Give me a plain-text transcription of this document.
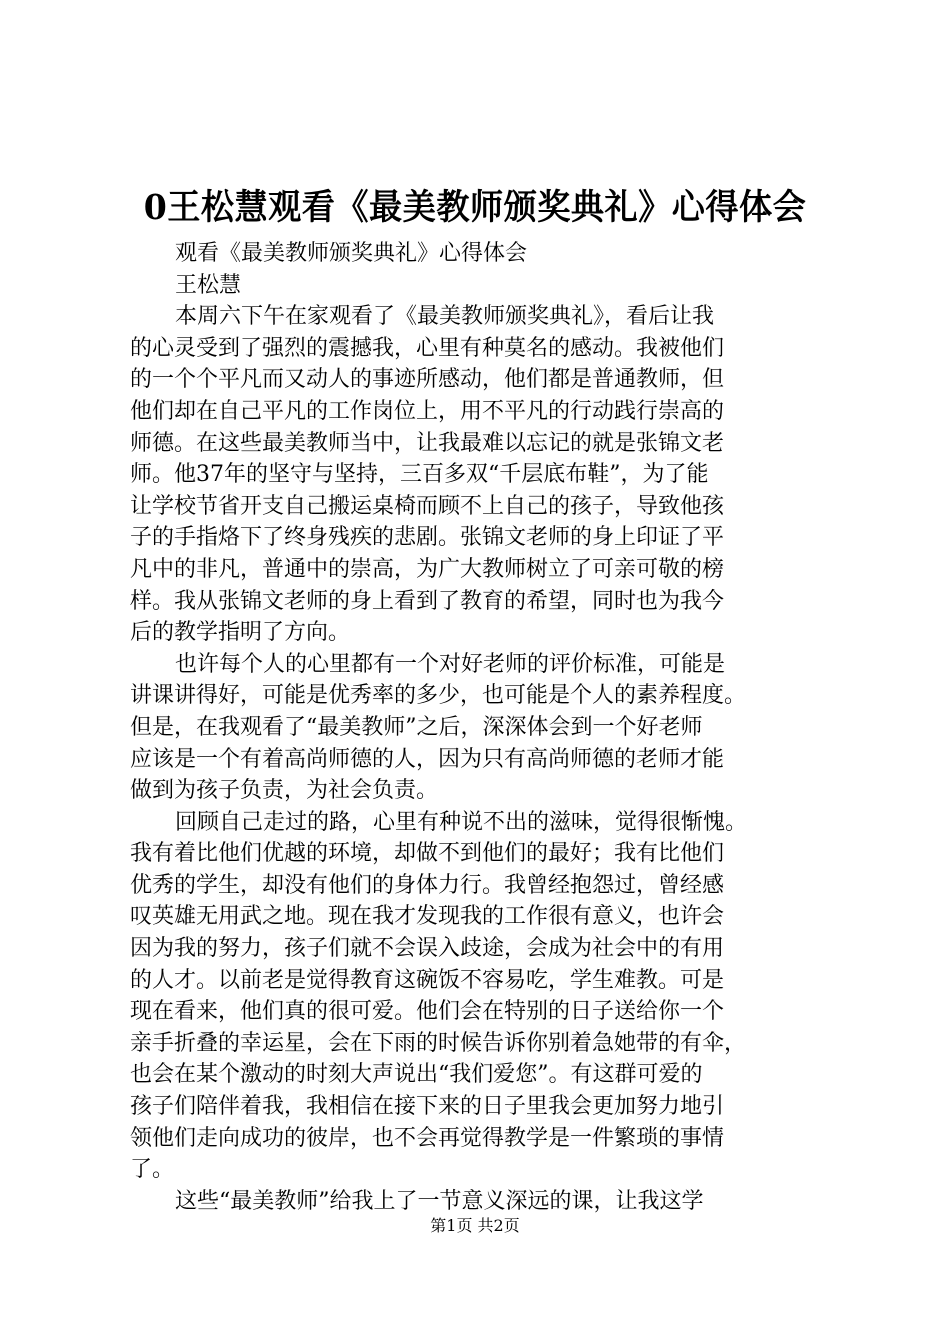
0王松慧观看《最美教师颁奖典礼》心得体会
观看《最美教师颁奖典礼》心得体会
王松慧
本周六下午在家观看了《最美教师颁奖典礼》，看后让我
的心灵受到了强烈的震撼我，心里有种莫名的感动。我被他们
的一个个平凡而又动人的事迹所感动，他们都是普通教师，但
他们却在自己平凡的工作岗位上，用不平凡的行动践行崇高的
师德。在这些最美教师当中，让我最难以忘记的就是张锦文老
师。他37年的坚守与坚持，三百多双“千层底布鞋”，为了能
让学校节省开支自己搬运桌椅而顾不上自己的孩子，导致他孩
子的手指烙下了终身残疾的悲剧。张锦文老师的身上印证了平
凡中的非凡，普通中的崇高，为广大教师树立了可亲可敬的榜
样。我从张锦文老师的身上看到了教育的希望，同时也为我今
后的教学指明了方向。
也许每个人的心里都有一个对好老师的评价标准，可能是
讲课讲得好，可能是优秀率的多少，也可能是个人的素养程度。
但是，在我观看了“最美教师”之后，深深体会到一个好老师
应该是一个有着高尚师德的人，因为只有高尚师德的老师才能
做到为孩子负责，为社会负责。
回顾自己走过的路，心里有种说不出的滋味，觉得很惭愧。
我有着比他们优越的环境，却做不到他们的最好；我有比他们
优秀的学生，却没有他们的身体力行。我曾经抱怨过，曾经感
叹英雄无用武之地。现在我才发现我的工作很有意义，也许会
因为我的努力，孩子们就不会误入歧途，会成为社会中的有用
的人才。以前老是觉得教育这碗饭不容易吃，学生难教。可是
现在看来，他们真的很可爱。他们会在特别的日子送给你一个
亲手折叠的幸运星，会在下雨的时候告诉你别着急她带的有伞，
也会在某个激动的时刻大声说出“我们爱您”。有这群可爱的
孩子们陪伴着我，我相信在接下来的日子里我会更加努力地引
领他们走向成功的彼岸，也不会再觉得教学是一件繁琐的事情
了。
这些“最美教师”给我上了一节意义深远的课，让我这学
第1页 共2页
